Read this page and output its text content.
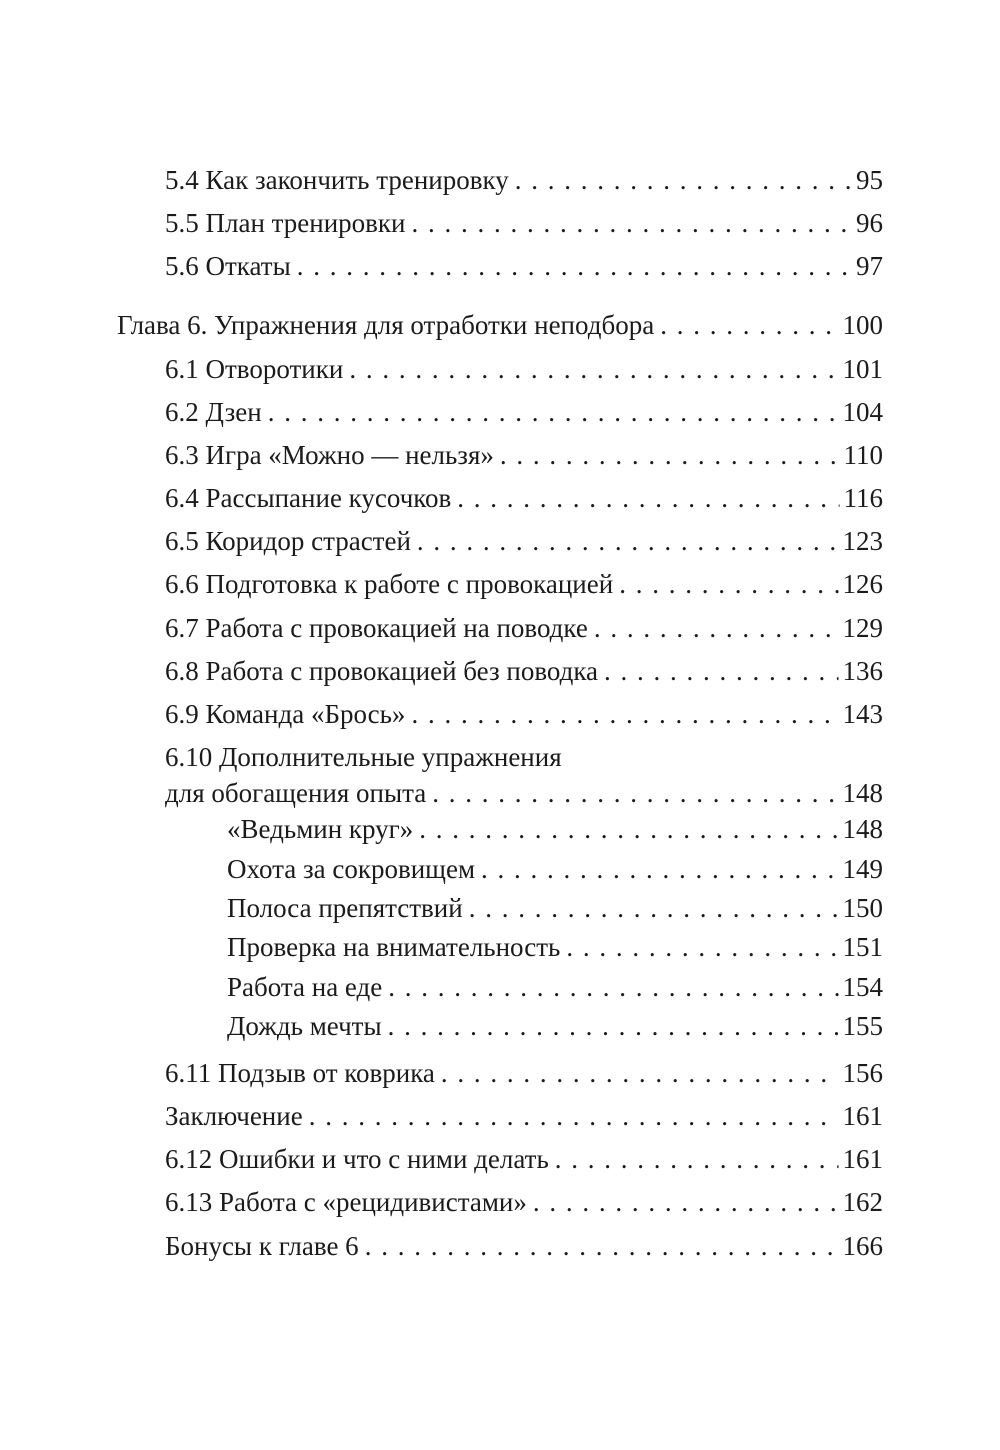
5.4 Как закончить тренировку . . .	95
5.5 План тренировки . . .	96
5.6 Откаты . . .	97
Глава 6. Упражнения для отработки неподбора . . .	100
6.1 Отворотики . . .	101
6.2 Дзен . . .	104
6.3 Игра «Можно — нельзя» . . .	110
6.4 Рассыпание кусочков . . .	116
6.5 Коридор страстей . . .	123
6.6 Подготовка к работе с провокацией . . .	126
6.7 Работа с провокацией на поводке . . .	129
6.8 Работа с провокацией без поводка . . .	136
6.9 Команда «Брось» . . .	143
6.10 Дополнительные упражнения
для обогащения опыта . . .	148
«Ведьмин круг» . . .	148
Охота за сокровищем . . .	149
Полоса препятствий . . .	150
Проверка на внимательность . . .	151
Работа на еде . . .	154
Дождь мечты . . .	155
6.11 Подзыв от коврика . . .	156
Заключение . . .	161
6.12 Ошибки и что с ними делать . . .	161
6.13 Работа с «рецидивистами» . . .	162
Бонусы к главе 6 . . .	166
